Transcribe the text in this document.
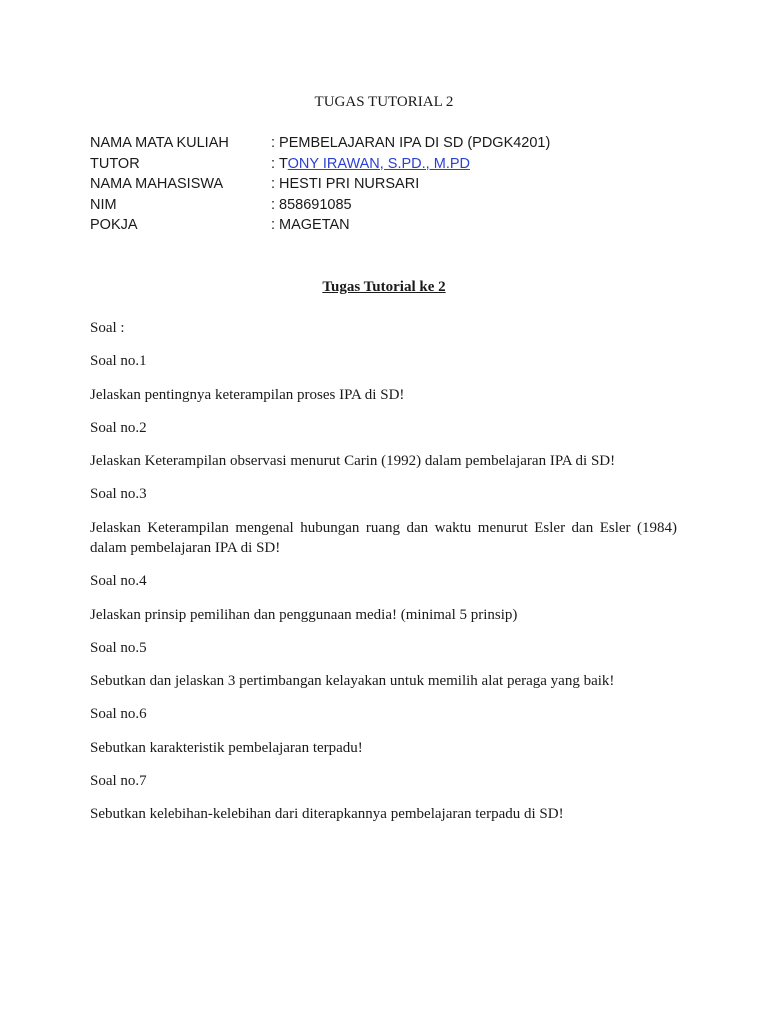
TUGAS TUTORIAL 2
NAMA MATA KULIAH	: PEMBELAJARAN IPA DI SD (PDGK4201)
TUTOR	: TONY IRAWAN, S.PD., M.PD
NAMA MAHASISWA	: HESTI PRI NURSARI
NIM	: 858691085
POKJA	: MAGETAN
Tugas Tutorial ke 2

Soal :

Soal no.1

Jelaskan pentingnya keterampilan proses IPA di SD!

Soal no.2

Jelaskan Keterampilan observasi menurut Carin (1992) dalam pembelajaran IPA di SD!

Soal no.3

Jelaskan Keterampilan mengenal hubungan ruang dan waktu menurut Esler dan Esler (1984) dalam pembelajaran IPA di SD!

Soal no.4

Jelaskan prinsip pemilihan dan penggunaan media! (minimal 5 prinsip)

Soal no.5

Sebutkan dan jelaskan 3 pertimbangan kelayakan untuk memilih alat peraga yang baik!

Soal no.6

Sebutkan karakteristik pembelajaran terpadu!

Soal no.7

Sebutkan kelebihan-kelebihan dari diterapkannya pembelajaran terpadu di SD!
